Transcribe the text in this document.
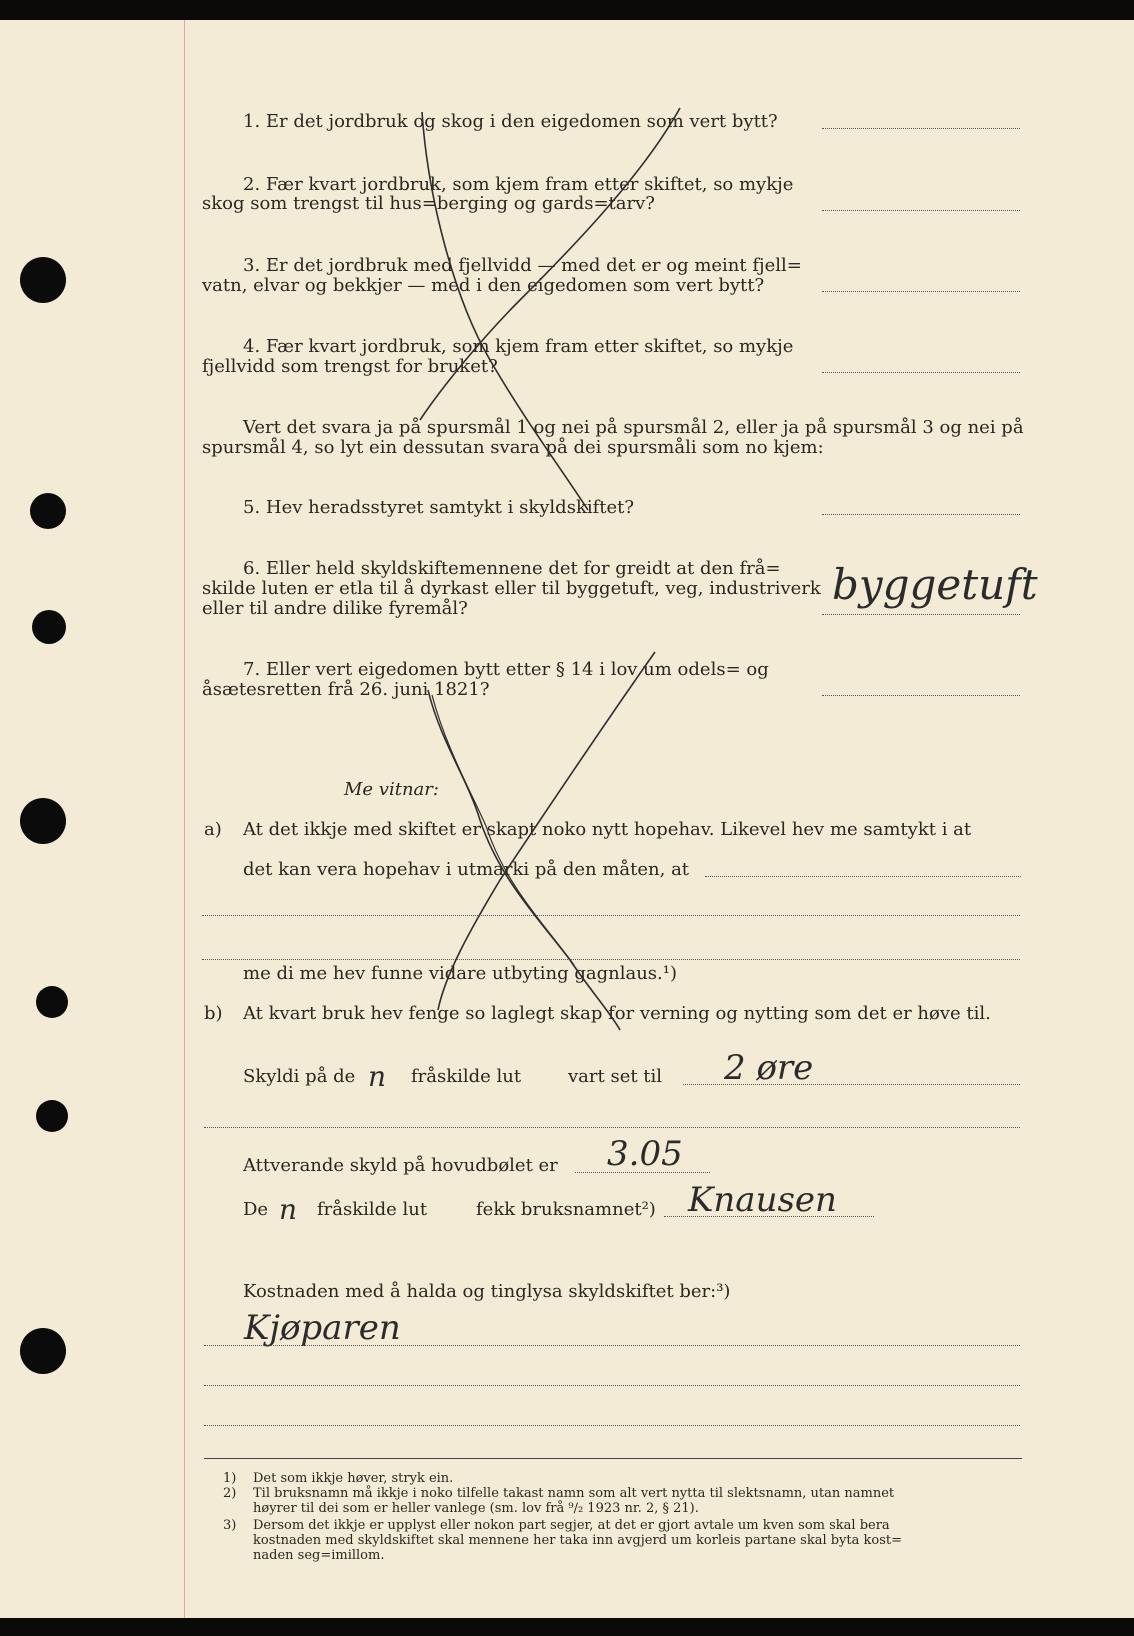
1. Er det jordbruk og skog i den eigedomen som vert bytt?
2. Fær kvart jordbruk, som kjem fram etter skiftet, so mykje
skog som trengst til hus=berging og gards=tarv?
3. Er det jordbruk med fjellvidd — med det er og meint fjell=
vatn, elvar og bekkjer — med i den eigedomen som vert bytt?
4. Fær kvart jordbruk, som kjem fram etter skiftet, so mykje
fjellvidd som trengst for bruket?
Vert det svara ja på spursmål 1 og nei på spursmål 2, eller ja på spursmål 3 og nei på
spursmål 4, so lyt ein dessutan svara på dei spursmåli som no kjem:
5. Hev heradsstyret samtykt i skyldskiftet?
6. Eller held skyldskiftemennene det for greidt at den frå=
skilde luten er etla til å dyrkast eller til byggetuft, veg, industriverk
eller til andre dilike fyremål?	byggetuft
7. Eller vert eigedomen bytt etter § 14 i lov um odels= og
åsætesretten frå 26. juni 1821?
Me vitnar:
a) At det ikkje med skiftet er skapt noko nytt hopehav. Likevel hev me samtykt i at
det kan vera hopehav i utmarki på den måten, at
me di me hev funne vidare utbyting gagnlaus.¹)
b) At kvart bruk hev fenge so laglegt skap for verning og nytting som det er høve til.
Skyldi på de n fråskilde lut	vart set til 2 øre
Attverande skyld på hovudbølet er 3.05
De n fråskilde lut	fekk bruksnamnet²) Knausen
Kostnaden med å halda og tinglysa skyldskiftet ber:³)
Kjøparen
1) Det som ikkje høver, stryk ein.
2) Til bruksnamn må ikkje i noko tilfelle takast namn som alt vert nytta til slektsnamn, utan namnet
høyrer til dei som er heller vanlege (sm. lov frå ⁹/₂ 1923 nr. 2, § 21).
3) Dersom det ikkje er upplyst eller nokon part segjer, at det er gjort avtale um kven som skal bera
kostnaden med skyldskiftet skal mennene her taka inn avgjerd um korleis partane skal byta kost=
naden seg=imillom.
